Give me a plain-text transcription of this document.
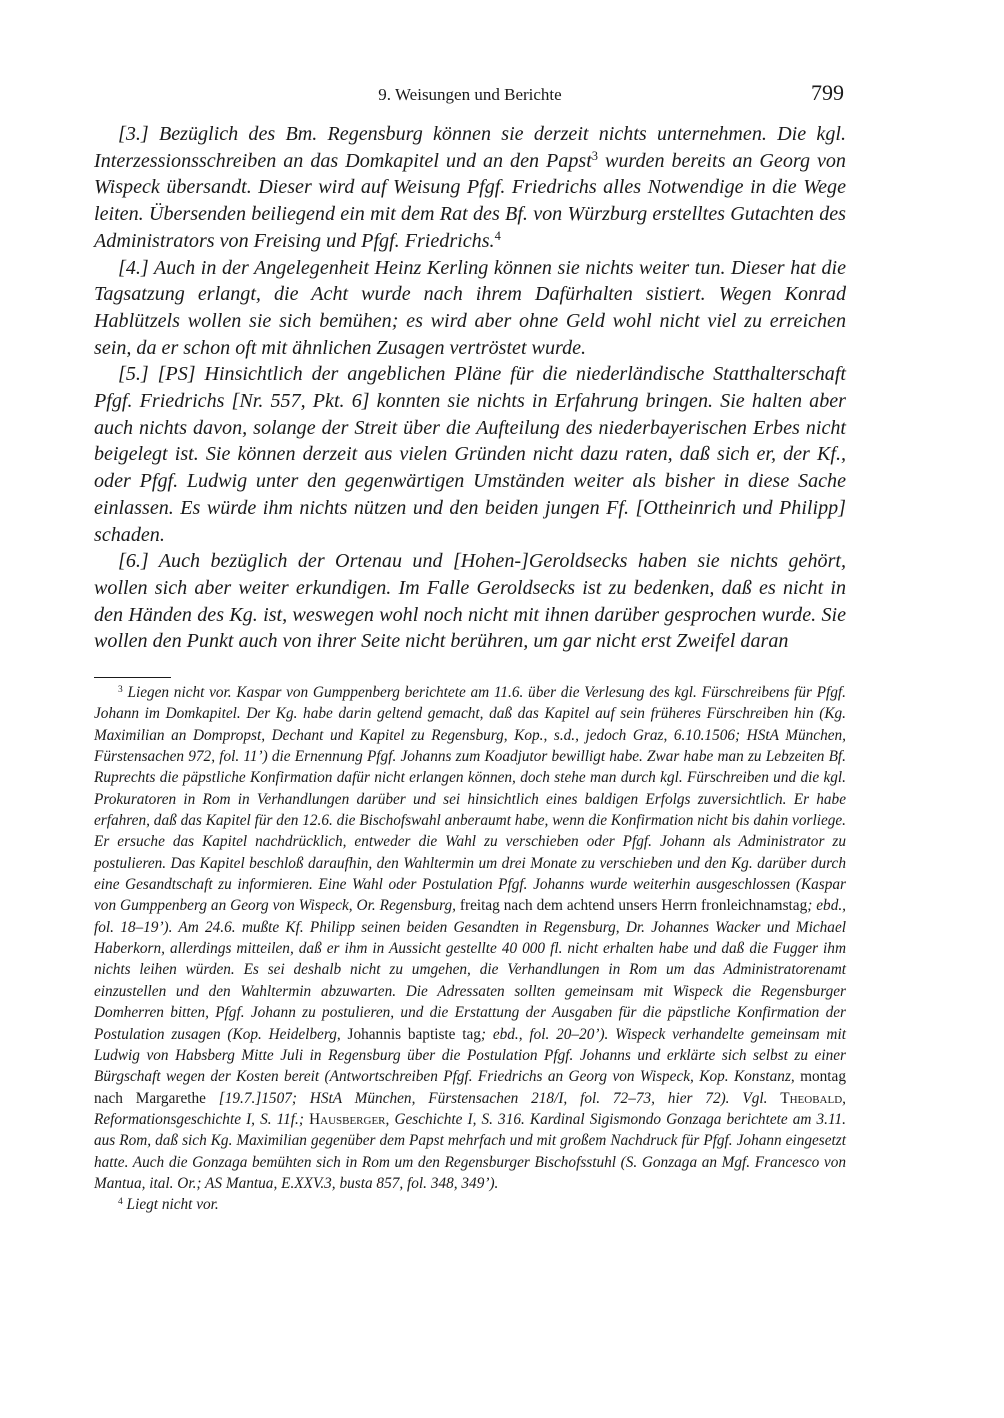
9. Weisungen und Berichte	799

[3.] Bezüglich des Bm. Regensburg können sie derzeit nichts unternehmen. Die kgl. Interzessionsschreiben an das Domkapitel und an den Papst$^3$ wurden bereits an Georg von Wispeck übersandt. Dieser wird auf Weisung Pfgf. Friedrichs alles Notwendige in die Wege leiten. Übersenden beiliegend ein mit dem Rat des Bf. von Würzburg erstelltes Gutachten des Administrators von Freising und Pfgf. Friedrichs.$^4$

[4.] Auch in der Angelegenheit Heinz Kerling können sie nichts weiter tun. Dieser hat die Tagsatzung erlangt, die Acht wurde nach ihrem Dafürhalten sistiert. Wegen Konrad Hablützels wollen sie sich bemühen; es wird aber ohne Geld wohl nicht viel zu erreichen sein, da er schon oft mit ähnlichen Zusagen vertröstet wurde.

[5.] [PS] Hinsichtlich der angeblichen Pläne für die niederländische Statthalterschaft Pfgf. Friedrichs [Nr. 557, Pkt. 6] konnten sie nichts in Erfahrung bringen. Sie halten aber auch nichts davon, solange der Streit über die Aufteilung des niederbayerischen Erbes nicht beigelegt ist. Sie können derzeit aus vielen Gründen nicht dazu raten, daß sich er, der Kf., oder Pfgf. Ludwig unter den gegenwärtigen Umständen weiter als bisher in diese Sache einlassen. Es würde ihm nichts nützen und den beiden jungen Ff. [Ottheinrich und Philipp] schaden.

[6.] Auch bezüglich der Ortenau und [Hohen-]Geroldsecks haben sie nichts gehört, wollen sich aber weiter erkundigen. Im Falle Geroldsecks ist zu bedenken, daß es nicht in den Händen des Kg. ist, weswegen wohl noch nicht mit ihnen darüber gesprochen wurde. Sie wollen den Punkt auch von ihrer Seite nicht berühren, um gar nicht erst Zweifel daran

$^3$ Liegen nicht vor. Kaspar von Gumppenberg berichtete am 11.6. über die Verlesung des kgl. Fürschreibens für Pfgf. Johann im Domkapitel. Der Kg. habe darin geltend gemacht, daß das Kapitel auf sein früheres Fürschreiben hin (Kg. Maximilian an Dompropst, Dechant und Kapitel zu Regensburg, Kop., s.d., jedoch Graz, 6.10.1506; HStA München, Fürstensachen 972, fol. 11’) die Ernennung Pfgf. Johanns zum Koadjutor bewilligt habe. Zwar habe man zu Lebzeiten Bf. Ruprechts die päpstliche Konfirmation dafür nicht erlangen können, doch stehe man durch kgl. Fürschreiben und die kgl. Prokuratoren in Rom in Verhandlungen darüber und sei hinsichtlich eines baldigen Erfolgs zuversichtlich. Er habe erfahren, daß das Kapitel für den 12.6. die Bischofswahl anberaumt habe, wenn die Konfirmation nicht bis dahin vorliege. Er ersuche das Kapitel nachdrücklich, entweder die Wahl zu verschieben oder Pfgf. Johann als Administrator zu postulieren. Das Kapitel beschloß daraufhin, den Wahltermin um drei Monate zu verschieben und den Kg. darüber durch eine Gesandtschaft zu informieren. Eine Wahl oder Postulation Pfgf. Johanns wurde weiterhin ausgeschlossen (Kaspar von Gumppenberg an Georg von Wispeck, Or. Regensburg, freitag nach dem achtend unsers Herrn fronleichnamstag; ebd., fol. 18–19’). Am 24.6. mußte Kf. Philipp seinen beiden Gesandten in Regensburg, Dr. Johannes Wacker und Michael Haberkorn, allerdings mitteilen, daß er ihm in Aussicht gestellte 40 000 fl. nicht erhalten habe und daß die Fugger ihm nichts leihen würden. Es sei deshalb nicht zu umgehen, die Verhandlungen in Rom um das Administratorenamt einzustellen und den Wahltermin abzuwarten. Die Adressaten sollten gemeinsam mit Wispeck die Regensburger Domherren bitten, Pfgf. Johann zu postulieren, und die Erstattung der Ausgaben für die päpstliche Konfirmation der Postulation zusagen (Kop. Heidelberg, Johannis baptiste tag; ebd., fol. 20–20’). Wispeck verhandelte gemeinsam mit Ludwig von Habsberg Mitte Juli in Regensburg über die Postulation Pfgf. Johanns und erklärte sich selbst zu einer Bürgschaft wegen der Kosten bereit (Antwortschreiben Pfgf. Friedrichs an Georg von Wispeck, Kop. Konstanz, montag nach Margarethe [19.7.]1507; HStA München, Fürstensachen 218/I, fol. 72–73, hier 72). Vgl. Theobald, Reformationsgeschichte I, S. 11f.; Hausberger, Geschichte I, S. 316. Kardinal Sigismondo Gonzaga berichtete am 3.11. aus Rom, daß sich Kg. Maximilian gegenüber dem Papst mehrfach und mit großem Nachdruck für Pfgf. Johann eingesetzt hatte. Auch die Gonzaga bemühten sich in Rom um den Regensburger Bischofsstuhl (S. Gonzaga an Mgf. Francesco von Mantua, ital. Or.; AS Mantua, E.XXV.3, busta 857, fol. 348, 349’).

$^4$ Liegt nicht vor.
